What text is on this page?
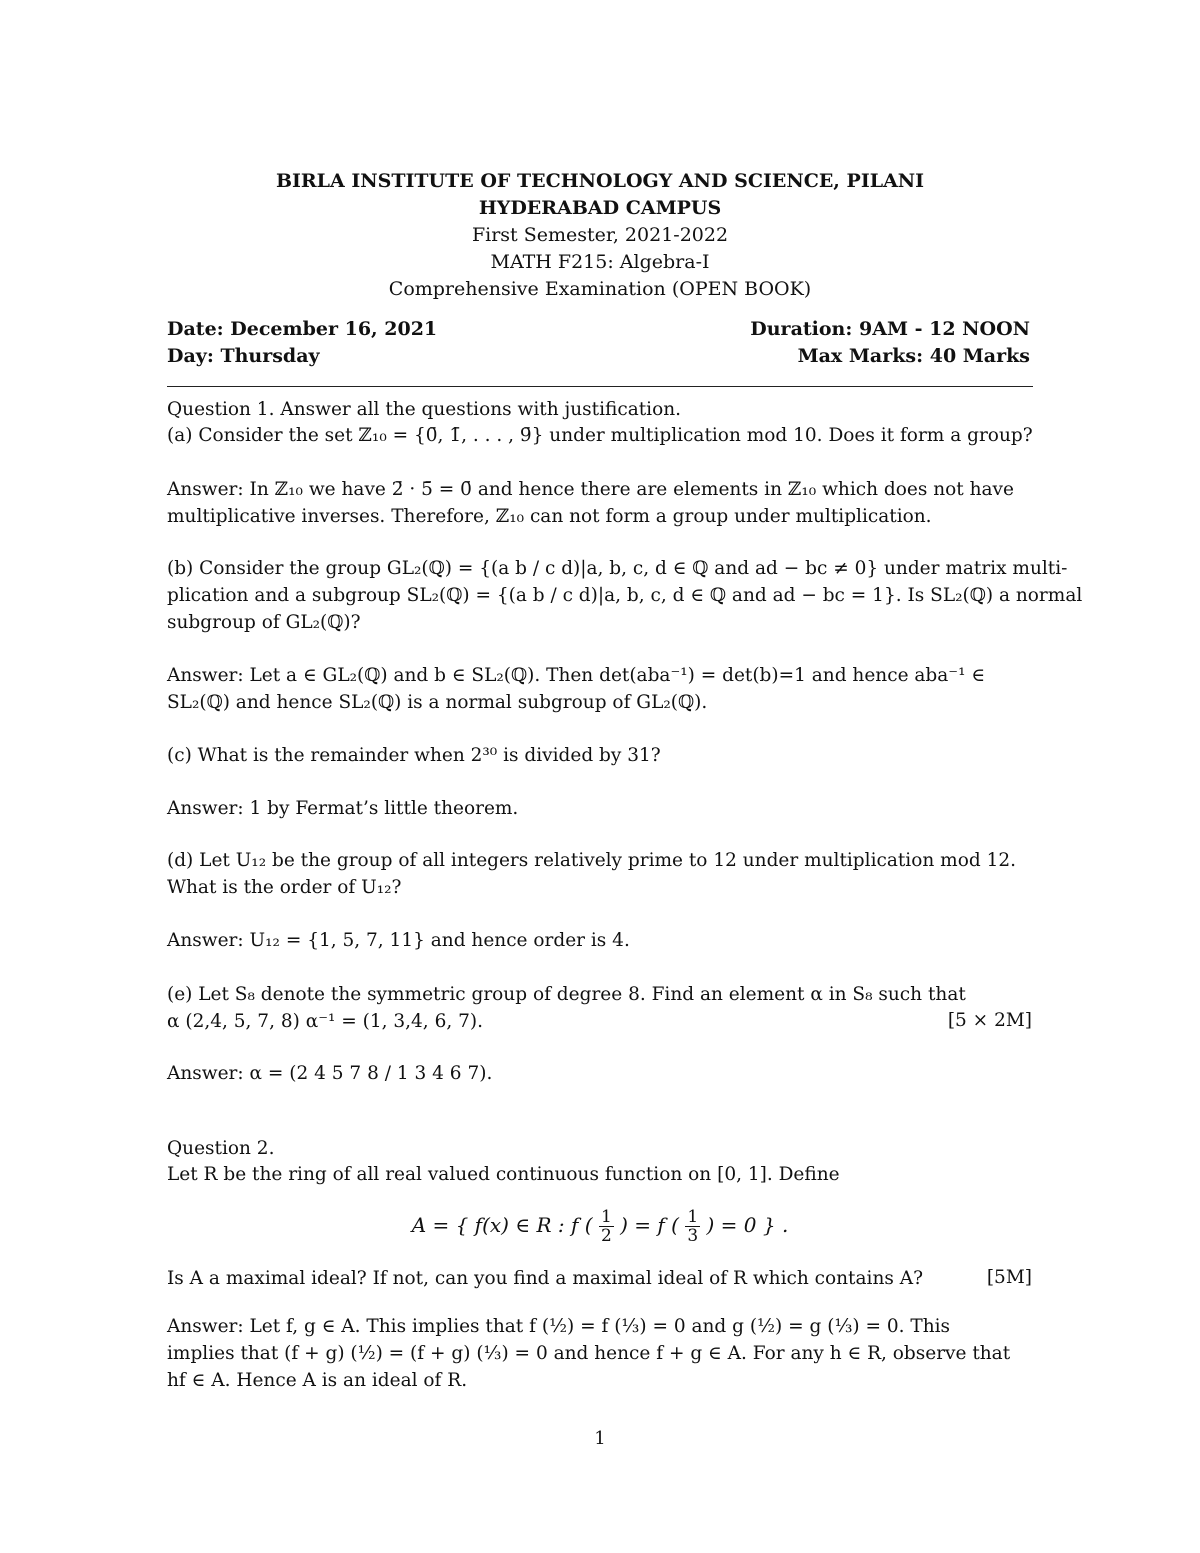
BIRLA INSTITUTE OF TECHNOLOGY AND SCIENCE, PILANI
HYDERABAD CAMPUS
First Semester, 2021-2022
MATH F215: Algebra-I
Comprehensive Examination (OPEN BOOK)
Date: December 16, 2021	Duration: 9AM - 12 NOON
Day: Thursday	Max Marks: 40 Marks
Question 1. Answer all the questions with justification.
(a) Consider the set ℤ₁₀ = {0̄, 1̄, . . . , 9̄} under multiplication mod 10. Does it form a group?
Answer: In ℤ₁₀ we have 2̄ · 5̄ = 0̄ and hence there are elements in ℤ₁₀ which does not have
multiplicative inverses. Therefore, ℤ₁₀ can not form a group under multiplication.
(b) Consider the group GL₂(ℚ) = {(a b / c d)|a, b, c, d ∈ ℚ and ad − bc ≠ 0} under matrix multi-
plication and a subgroup SL₂(ℚ) = {(a b / c d)|a, b, c, d ∈ ℚ and ad − bc = 1}. Is SL₂(ℚ) a normal
subgroup of GL₂(ℚ)?
Answer: Let a ∈ GL₂(ℚ) and b ∈ SL₂(ℚ). Then det(aba⁻¹) = det(b)=1 and hence aba⁻¹ ∈
SL₂(ℚ) and hence SL₂(ℚ) is a normal subgroup of GL₂(ℚ).
(c) What is the remainder when 2³⁰ is divided by 31?
Answer: 1 by Fermat’s little theorem.
(d) Let U₁₂ be the group of all integers relatively prime to 12 under multiplication mod 12.
What is the order of U₁₂?
Answer: U₁₂ = {1, 5, 7, 11} and hence order is 4.
(e) Let S₈ denote the symmetric group of degree 8. Find an element α in S₈ such that
α (2,4, 5, 7, 8) α⁻¹ = (1, 3,4, 6, 7).	[5 × 2M]
Answer: α = (2 4 5 7 8 / 1 3 4 6 7).
Question 2.
Let R be the ring of all real valued continuous function on [0, 1]. Define
A = { f(x) ∈ R : f ( $\frac{1}{2}$ ) = f ( $\frac{1}{3}$ ) = 0 } .
Is A a maximal ideal? If not, can you find a maximal ideal of R which contains A?	[5M]
Answer: Let f, g ∈ A. This implies that f (½) = f (⅓) = 0 and g (½) = g (⅓) = 0. This
implies that (f + g) (½) = (f + g) (⅓) = 0 and hence f + g ∈ A. For any h ∈ R, observe that
hf ∈ A. Hence A is an ideal of R.
1
